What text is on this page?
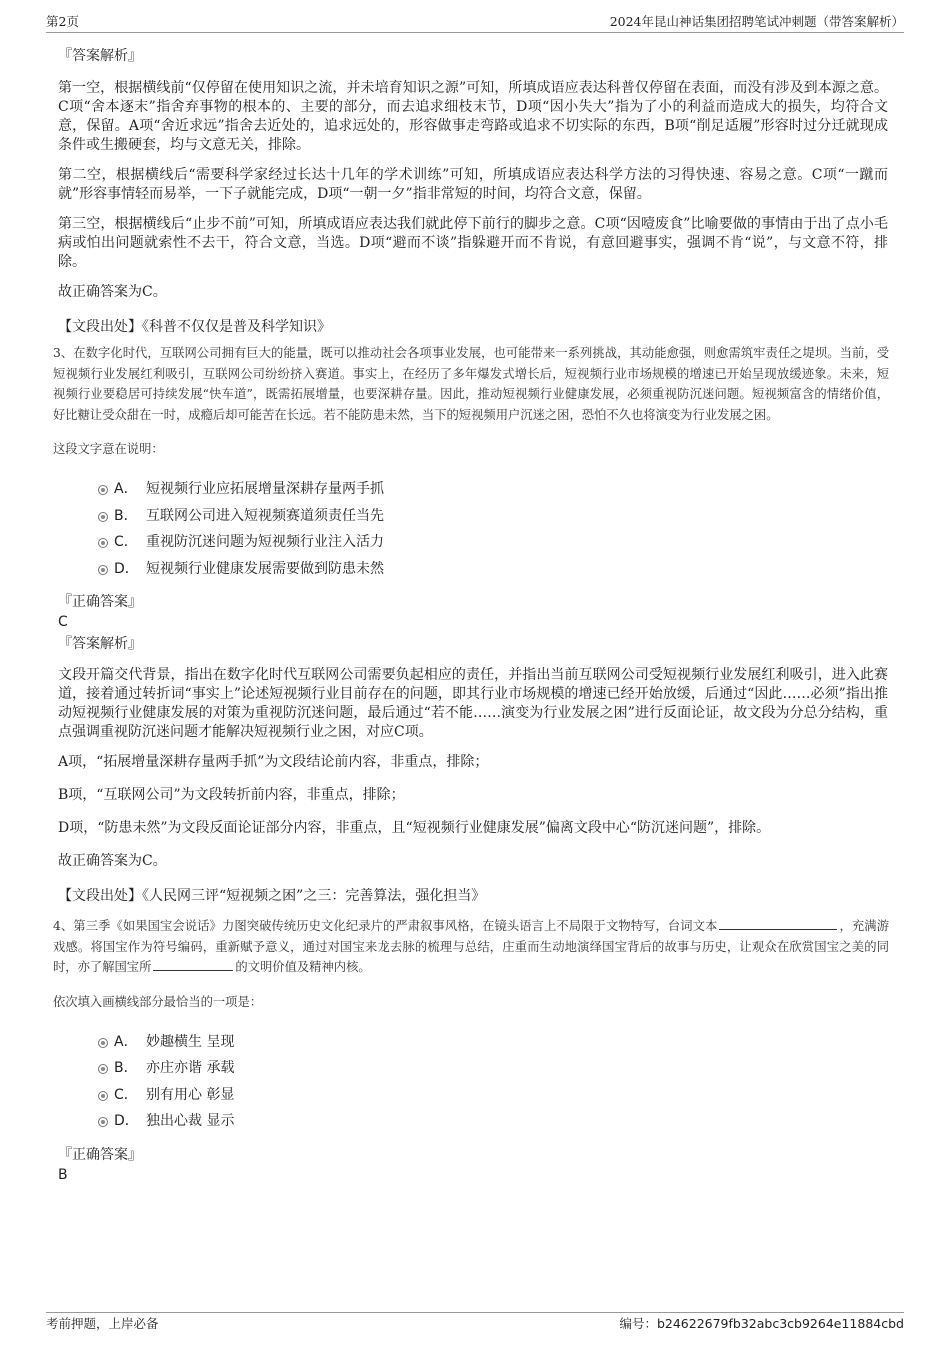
第2页	2024年昆山神话集团招聘笔试冲刺题（带答案解析）
『答案解析』

第一空，根据横线前“仅停留在使用知识之流，并未培育知识之源”可知，所填成语应表达科普仅停留在表面，而没有涉及到本源之意。C项“舍本逐末”指舍弃事物的根本的、主要的部分，而去追求细枝末节，D项“因小失大”指为了小的利益而造成大的损失，均符合文意，保留。A项“舍近求远”指舍去近处的，追求远处的，形容做事走弯路或追求不切实际的东西，B项“削足适履”形容时过分迁就现成条件或生搬硬套，均与文意无关，排除。

第二空，根据横线后“需要科学家经过长达十几年的学术训练”可知，所填成语应表达科学方法的习得快速、容易之意。C项“一蹴而就”形容事情轻而易举，一下子就能完成，D项“一朝一夕”指非常短的时间，均符合文意，保留。

第三空，根据横线后“止步不前”可知，所填成语应表达我们就此停下前行的脚步之意。C项“因噎废食”比喻要做的事情由于出了点小毛病或怕出问题就索性不去干，符合文意，当选。D项“避而不谈”指躲避开而不肯说，有意回避事实，强调不肯“说”，与文意不符，排除。

故正确答案为C。

【文段出处】《科普不仅仅是普及科学知识》
3、在数字化时代，互联网公司拥有巨大的能量，既可以推动社会各项事业发展，也可能带来一系列挑战，其动能愈强，则愈需筑牢责任之堤坝。当前，受短视频行业发展红利吸引，互联网公司纷纷挤入赛道。事实上，在经历了多年爆发式增长后，短视频行业市场规模的增速已开始呈现放缓迹象。未来，短视频行业要稳居可持续发展“快车道”，既需拓展增量，也要深耕存量。因此，推动短视频行业健康发展，必须重视防沉迷问题。短视频富含的情绪价值，好比糖让受众甜在一时，成瘾后却可能苦在长远。若不能防患未然，当下的短视频用户沉迷之困，恐怕不久也将演变为行业发展之困。
这段文字意在说明：
A． 短视频行业应拓展增量深耕存量两手抓
B． 互联网公司进入短视频赛道须责任当先
C． 重视防沉迷问题为短视频行业注入活力
D． 短视频行业健康发展需要做到防患未然
『正确答案』
C
『答案解析』

文段开篇交代背景，指出在数字化时代互联网公司需要负起相应的责任，并指出当前互联网公司受短视频行业发展红利吸引，进入此赛道，接着通过转折词“事实上”论述短视频行业目前存在的问题，即其行业市场规模的增速已经开始放缓，后通过“因此……必须”指出推动短视频行业健康发展的对策为重视防沉迷问题，最后通过“若不能……演变为行业发展之困”进行反面论证，故文段为分总分结构，重点强调重视防沉迷问题才能解决短视频行业之困，对应C项。

A项，“拓展增量深耕存量两手抓”为文段结论前内容，非重点，排除；

B项，“互联网公司”为文段转折前内容，非重点，排除；

D项，“防患未然”为文段反面论证部分内容，非重点，且“短视频行业健康发展”偏离文段中心“防沉迷问题”，排除。

故正确答案为C。

【文段出处】《人民网三评“短视频之困”之三：完善算法，强化担当》
4、第三季《如果国宝会说话》力图突破传统历史文化纪录片的严肃叙事风格，在镜头语言上不局限于文物特写，台词文本	，充满游戏感。将国宝作为符号编码，重新赋予意义，通过对国宝来龙去脉的梳理与总结，庄重而生动地演绎国宝背后的故事与历史，让观众在欣赏国宝之美的同时，亦了解国宝所	的文明价值及精神内核。
依次填入画横线部分最恰当的一项是：
A． 妙趣横生 呈现
B． 亦庄亦谐 承载
C． 别有用心 彰显
D． 独出心裁 显示
『正确答案』
B
考前押题，上岸必备	编号：b24622679fb32abc3cb9264e11884cbd
